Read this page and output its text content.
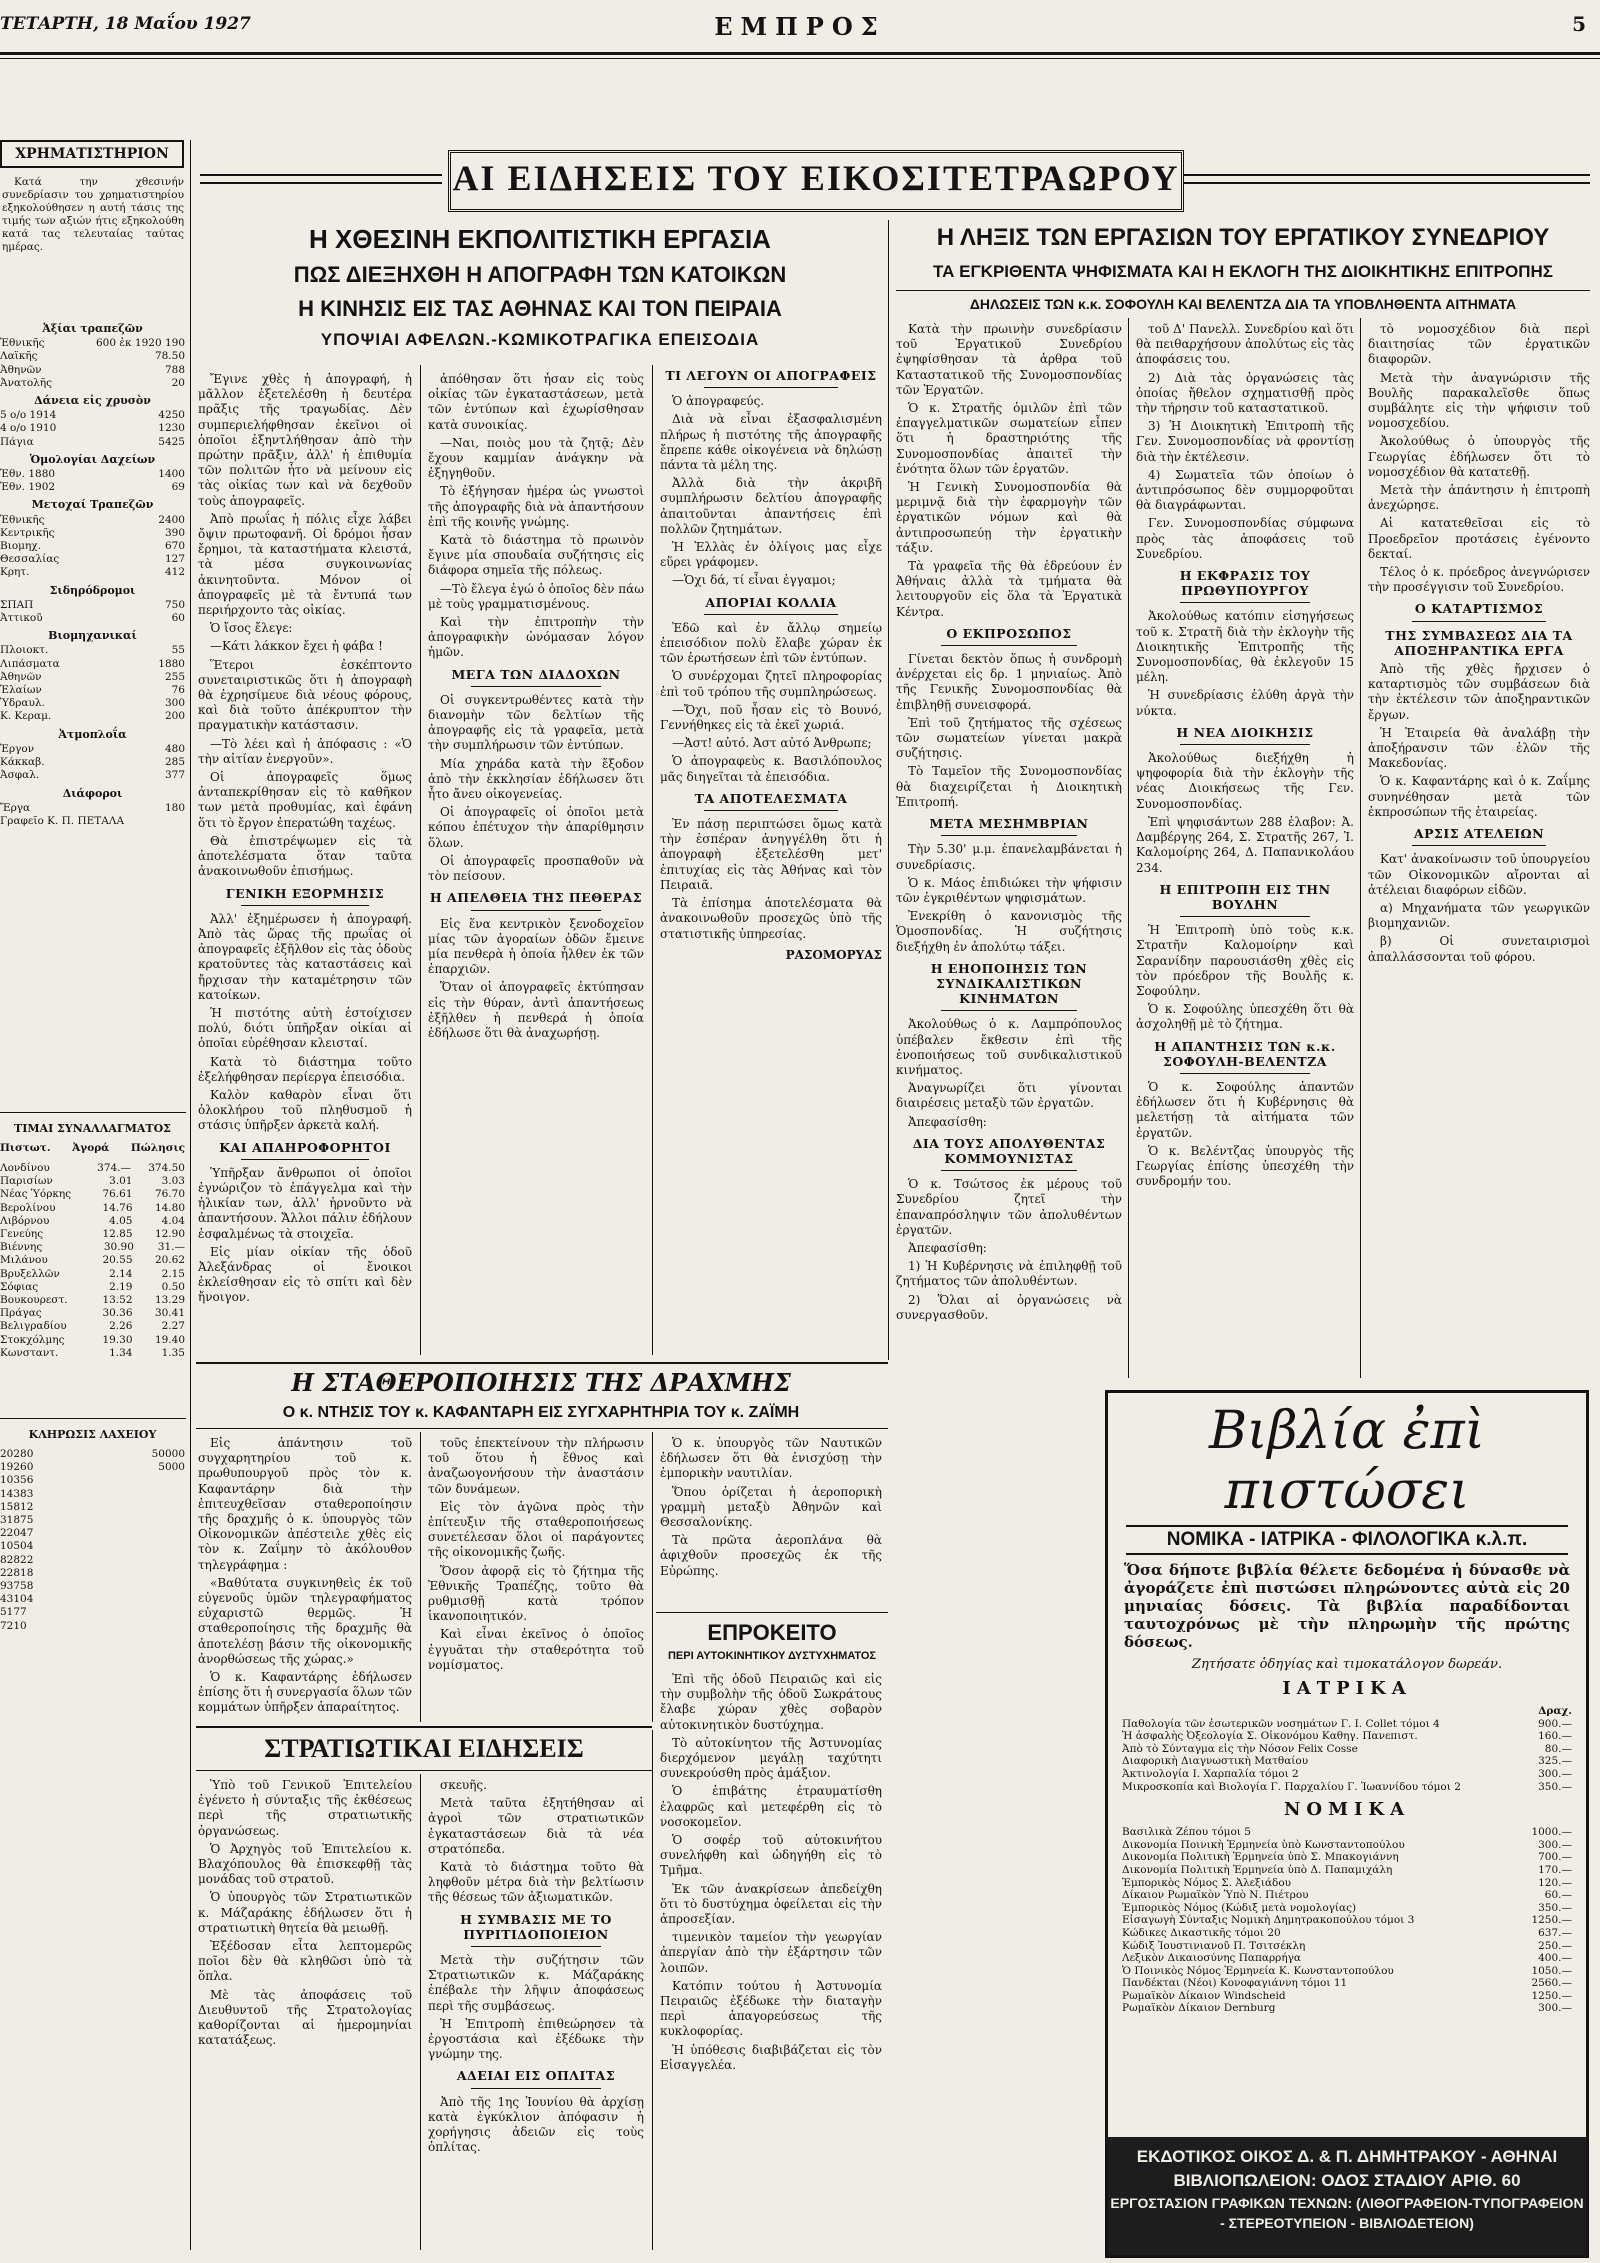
ΤΕΤΑΡΤΗ, 18 Μαΐου 1927	ΕΜΠΡΟΣ	5
ΧΡΗΜΑΤΙΣΤΗΡΙΟΝ

Κατά την χθεσινήν συνεδρίασιν του χρηματιστηρίου εξηκολούθησεν η αυτή τάσις της τιμής των αξιών ήτις εξηκολούθη κατά τας τελευταίας ταύτας ημέρας.

Ἀξίαι τραπεζῶν
Ἐθνικῆς	600 ἐκ 1920 190
Λαϊκῆς	78.50
Ἀθηνῶν	788
Ἀνατολῆς	20
Δάνεια εἰς χρυσὸν
5 ο/ο 1914	4250
4 ο/ο 1910	1230
Πάγια	5425
Ὁμολογίαι Δαχείων
Ἐθν. 1880	1400
Ἐθν. 1902	69
Μετοχαί Τραπεζῶν
Ἐθνικῆς	2400
Κεντρικῆς	390
Βιομηχ.	670
Θεσσαλίας	127
Κρητ.	412
Σιδηρόδρομοι
ΣΠΑΠ	750
Ἀττικοῦ	60
Βιομηχανικαί
Πλοιοκτ.	55
Λιπάσματα	1880
Ἀθηνῶν	255
Ἐλαίων	76
Ὑδραυλ.	300
Κ. Κεραμ.	200
Ἀτμοπλοΐα
Ἐργον	480
Κάκκαβ.	285
Ἀσφαλ.	377
Διάφοροι
Ἔργα	180
Γραφεῖο Κ. Π. ΠΕΤΑΛΑ
ΤΙΜΑΙ ΣΥΝΑΛΛΑΓΜΑΤΟΣ
Πιστωτ. Ἀγορά Πώλησις
Λονδίνου	374.— 374.50
Παρισίων	3.01	3.03
Νέας Ὑόρκης	76.61 76.70
Βερολίνου	14.76 14.80
Λιβόρνου	4.05	4.04
Γενεύης	12.85 12.90
Βιέννης	30.90 31.—
Μιλάνου	20.55 20.62
Βρυξελλῶν	2.14	2.15
Σόφιας	2.19	0.50
Βουκουρεστ.	13.52 13.29
Πράγας	30.36 30.41
Βελιγραδίου	2.26	2.27
Στοκχόλμης	19.30 19.40
Κωνσταντ.	1.34	1.35
ΚΛΗΡΩΣΙΣ ΛΑΧΕΙΟΥ
20280	50000
19260	5000
10356
14383
15812
31875
22047
10504
82822
22818
93758
43104
5177
7210
ΑΙ ΕΙΔΗΣΕΙΣ ΤΟΥ ΕΙΚΟΣΙΤΕΤΡΑΩΡΟΥ
Η ΧΘΕΣΙΝΗ ΕΚΠΟΛΙΤΙΣΤΙΚΗ ΕΡΓΑΣΙΑ
ΠΩΣ ΔΙΕΞΗΧΘΗ Η ΑΠΟΓΡΑΦΗ ΤΩΝ ΚΑΤΟΙΚΩΝ
Η ΚΙΝΗΣΙΣ ΕΙΣ ΤΑΣ ΑΘΗΝΑΣ ΚΑΙ ΤΟΝ ΠΕΙΡΑΙΑ
ΥΠΟΨΙΑΙ ΑΦΕΛΩΝ.-ΚΩΜΙΚΟΤΡΑΓΙΚΑ ΕΠΕΙΣΟΔΙΑ

Ἔγινε χθὲς ἡ ἀπογραφή, ἡ μᾶλλον ἐξετελέσθη ἡ δευτέρα πρᾶξις τῆς τραγωδίας. Δὲν συμπεριελήφθησαν ἐκεῖνοι οἱ ὁποῖοι ἐξηντλήθησαν ἀπὸ τὴν πρώτην πρᾶξιν, ἀλλ' ἡ ἐπιθυμία τῶν πολιτῶν ἦτο νὰ μείνουν εἰς τὰς οἰκίας των καὶ νὰ δεχθοῦν τοὺς ἀπογραφεῖς.

Ἀπὸ πρωΐας ἡ πόλις εἶχε λάβει ὄψιν πρωτοφανῆ. Οἱ δρόμοι ἦσαν ἔρημοι, τὰ καταστήματα κλειστά, τὰ μέσα συγκοινωνίας ἀκινητοῦντα. Μόνον οἱ ἀπογραφεῖς μὲ τὰ ἔντυπά των περιήρχοντο τὰς οἰκίας.

Ὁ ἴσος ἔλεγε:

—Κάτι λάκκον ἔχει ἡ φάβα !

Ἕτεροι ἐσκέπτοντο συνεταιριστικῶς ὅτι ἡ ἀπογραφὴ θὰ ἐχρησίμευε διὰ νέους φόρους, καὶ διὰ τοῦτο ἀπέκρυπτον τὴν πραγματικὴν κατάστασιν.

—Τὸ λέει καὶ ἡ ἀπόφασις : «Ὁ τὴν αἰτίαν ἐνεργοῦν».

Οἱ ἀπογραφεῖς ὅμως ἀνταπεκρίθησαν εἰς τὸ καθῆκον των μετὰ προθυμίας, καὶ ἐφάνη ὅτι τὸ ἔργον ἐπερατώθη ταχέως.

Θὰ ἐπιστρέψωμεν εἰς τὰ ἀποτελέσματα ὅταν ταῦτα ἀνακοινωθοῦν ἐπισήμως.

ΓΕΝΙΚΗ ΕΞΟΡΜΗΣΙΣ

Ἀλλ' ἐξημέρωσεν ἡ ἀπογραφή. Ἀπὸ τὰς ὥρας τῆς πρωΐας οἱ ἀπογραφεῖς ἐξῆλθον εἰς τὰς ὁδοὺς κρατοῦντες τὰς καταστάσεις καὶ ἤρχισαν τὴν καταμέτρησιν τῶν κατοίκων.

Ἡ πιστότης αὐτὴ ἐστοίχισεν πολύ, διότι ὑπῆρξαν οἰκίαι αἱ ὁποῖαι εὑρέθησαν κλεισταί.

Κατὰ τὸ διάστημα τοῦτο ἐξελήφθησαν περίεργα ἐπεισόδια.

Καλὸν καθαρὸν εἶναι ὅτι ὁλοκλήρου τοῦ πληθυσμοῦ ἡ στάσις ὑπῆρξεν ἀρκετὰ καλή.

ΚΑΙ ΑΠΑΗΡΟΦΟΡΗΤΟΙ

Ὑπῆρξαν ἄνθρωποι οἱ ὁποῖοι ἐγνώριζον τὸ ἐπάγγελμα καὶ τὴν ἡλικίαν των, ἀλλ' ἠρνοῦντο νὰ ἀπαντήσουν. Ἄλλοι πάλιν ἐδήλουν ἐσφαλμένως τὰ στοιχεῖα.

Εἰς μίαν οἰκίαν τῆς ὁδοῦ Ἀλεξάνδρας οἱ ἔνοικοι ἐκλείσθησαν εἰς τὸ σπίτι καὶ δὲν ἤνοιγον.

ἀπόθησαν ὅτι ἦσαν εἰς τοὺς οἰκίας τῶν ἐγκαταστάσεων, μετὰ τῶν ἐντύπων καὶ ἐχωρίσθησαν κατὰ συνοικίας.

—Ναι, ποιὸς μου τὰ ζητᾷ; Δὲν ἔχουν καμμίαν ἀνάγκην νὰ ἐξηγηθοῦν.

Τὸ ἐξήγησαν ἡμέρα ὡς γνωστοὶ τῆς ἀπογραφῆς διὰ νὰ ἀπαντήσουν ἐπὶ τῆς κοινῆς γνώμης.

Κατὰ τὸ διάστημα τὸ πρωινὸν ἔγινε μία σπουδαία συζήτησις εἰς διάφορα σημεῖα τῆς πόλεως.

—Τὸ ἔλεγα ἐγώ ὁ ὁποῖος δὲν πάω μὲ τοὺς γραμματισμένους.

Καὶ τὴν ἐπιτροπὴν τὴν ἀπογραφικὴν ὠνόμασαν λόγον ἡμῶν.

ΜΕΓΑ ΤΩΝ ΔΙΑΔΟΧΩΝ

Οἱ συγκεντρωθέντες κατὰ τὴν διανομὴν τῶν δελτίων τῆς ἀπογραφῆς εἰς τὰ γραφεῖα, μετὰ τὴν συμπλήρωσιν τῶν ἐντύπων.

Μία χηράδα κατὰ τὴν ἔξοδον ἀπὸ τὴν ἐκκλησίαν ἐδήλωσεν ὅτι ἦτο ἄνευ οἰκογενείας.

Οἱ ἀπογραφεῖς οἱ ὁποῖοι μετὰ κόπου ἐπέτυχον τὴν ἀπαρίθμησιν ὅλων.

Οἱ ἀπογραφεῖς προσπαθοῦν νὰ τὸν πείσουν.

Η ΑΠΕΛΘΕΙΑ ΤΗΣ ΠΕΘΕΡΑΣ

Εἰς ἕνα κεντρικὸν ξενοδοχεῖον μίας τῶν ἀγοραίων ὁδῶν ἔμεινε μία πενθερὰ ἡ ὁποία ἦλθεν ἐκ τῶν ἐπαρχιῶν.

Ὅταν οἱ ἀπογραφεῖς ἐκτύπησαν εἰς τὴν θύραν, ἀντὶ ἀπαντήσεως ἐξῆλθεν ἡ πενθερά ἡ ὁποία ἐδήλωσε ὅτι θὰ ἀναχωρήσῃ.

ΤΙ ΛΕΓΟΥΝ ΟΙ ΑΠΟΓΡΑΦΕΙΣ

Ὁ ἀπογραφεύς.

Διὰ νὰ εἶναι ἐξασφαλισμένη πλήρως ἡ πιστότης τῆς ἀπογραφῆς ἔπρεπε κάθε οἰκογένεια νὰ δηλώσῃ πάντα τὰ μέλη της.

Ἀλλὰ διὰ τὴν ἀκριβῆ συμπλήρωσιν δελτίου ἀπογραφῆς ἀπαιτοῦνται ἀπαντήσεις ἐπὶ πολλῶν ζητημάτων.

Ἡ Ἐλλὰς ἐν ὀλίγοις μας εἶχε εὕρει γράφομεν.

—Ὁχι δά, τί εἶναι ἐγγαμοι;

ΑΠΟΡΙΑΙ ΚΟΛΛΙΑ

Ἐδῶ καὶ ἐν ἄλλῳ σημείῳ ἐπεισόδιον πολὺ ἔλαβε χώραν ἐκ τῶν ἐρωτήσεων ἐπὶ τῶν ἐντύπων.

Ὁ συνέρχομαι ζητεῖ πληροφορίας ἐπὶ τοῦ τρόπου τῆς συμπληρώσεως.

—Ὄχι, ποῦ ἦσαν εἰς τὸ Βουνό, Γεννήθηκες εἰς τὰ ἐκεῖ χωριά.

—Ἀστ! αὐτό. Ἀστ αὐτό Ἀνθρωπε;

Ὁ ἀπογραφεὺς κ. Βασιλόπουλος μᾶς διηγεῖται τὰ ἐπεισόδια.

ΤΑ ΑΠΟΤΕΛΕΣΜΑΤΑ

Ἐν πάσῃ περιπτώσει ὅμως κατὰ τὴν ἐσπέραν ἀνηγγέλθη ὅτι ἡ ἀπογραφὴ ἐξετελέσθη μετ' ἐπιτυχίας εἰς τὰς Ἀθήνας καὶ τὸν Πειραιᾶ.

Τὰ ἐπίσημα ἀποτελέσματα θὰ ἀνακοινωθοῦν προσεχῶς ὑπὸ τῆς στατιστικῆς ὑπηρεσίας.

ΡΑΣΟΜΟΡΥΑΣ
Η ΛΗΞΙΣ ΤΩΝ ΕΡΓΑΣΙΩΝ ΤΟΥ ΕΡΓΑΤΙΚΟΥ ΣΥΝΕΔΡΙΟΥ
ΤΑ ΕΓΚΡΙΘΕΝΤΑ ΨΗΦΙΣΜΑΤΑ ΚΑΙ Η ΕΚΛΟΓΗ ΤΗΣ ΔΙΟΙΚΗΤΙΚΗΣ ΕΠΙΤΡΟΠΗΣ
ΔΗΛΩΣΕΙΣ ΤΩΝ κ.κ. ΣΟΦΟΥΛΗ ΚΑΙ ΒΕΛΕΝΤΖΑ ΔΙΑ ΤΑ ΥΠΟΒΛΗΘΕΝΤΑ ΑΙΤΗΜΑΤΑ

Κατὰ τὴν πρωινὴν συνεδρίασιν τοῦ Ἐργατικοῦ Συνεδρίου ἐψηφίσθησαν τὰ ἀρθρα τοῦ Καταστατικοῦ τῆς Συνομοσπονδίας τῶν Ἐργατῶν.

Ὁ κ. Στρατῆς ὁμιλῶν ἐπὶ τῶν ἐπαγγελματικῶν σωματείων εἶπεν ὅτι ἡ δραστηριότης τῆς Συνομοσπονδίας ἀπαιτεῖ τὴν ἑνότητα ὅλων τῶν ἐργατῶν.

Ἡ Γενικὴ Συνομοσπονδία θὰ μεριμνᾷ διὰ τὴν ἐφαρμογὴν τῶν ἐργατικῶν νόμων καὶ θὰ ἀντιπροσωπεύῃ τὴν ἐργατικὴν τάξιν.

Τὰ γραφεῖα τῆς θὰ ἑδρεύουν ἐν Ἀθήναις ἀλλὰ τὰ τμήματα θὰ λειτουργοῦν εἰς ὅλα τὰ Ἐργατικὰ Κέντρα.

Ο ΕΚΠΡΟΣΩΠΟΣ

Γίνεται δεκτὸν ὅπως ἡ συνδρομὴ ἀνέρχεται εἰς δρ. 1 μηνιαίως. Ἀπὸ τῆς Γενικῆς Συνομοσπονδίας θὰ ἐπιβληθῇ συνεισφορά.

Ἐπὶ τοῦ ζητήματος τῆς σχέσεως τῶν σωματείων γίνεται μακρὰ συζήτησις.

Τὸ Ταμεῖον τῆς Συνομοσπονδίας θὰ διαχειρίζεται ἡ Διοικητικὴ Ἐπιτροπή.

ΜΕΤΑ ΜΕΣΗΜΒΡΙΑΝ

Τὴν 5.30' μ.μ. ἐπανελαμβάνεται ἡ συνεδρίασις.

Ὁ κ. Μάος ἐπιδιώκει τὴν ψήφισιν τῶν ἐγκριθέντων ψηφισμάτων.

Ἐνεκρίθη ὁ κανονισμὸς τῆς Ὁμοσπονδίας. Ἡ συζήτησις διεξήχθη ἐν ἀπολύτῳ τάξει.

Η ΕΗΟΠΟΙΗΣΙΣ ΤΩΝ ΣΥΝΔΙΚΑΛΙΣΤΙΚΩΝ ΚΙΝΗΜΑΤΩΝ

Ἀκολούθως ὁ κ. Λαμπρόπουλος ὑπέβαλεν ἔκθεσιν ἐπὶ τῆς ἑνοποιήσεως τοῦ συνδικαλιστικοῦ κινήματος.

Ἀναγνωρίζει ὅτι γίνονται διαιρέσεις μεταξὺ τῶν ἐργατῶν.

Ἀπεφασίσθη:

ΔΙΑ ΤΟΥΣ ΑΠΟΛΥΘΕΝΤΑΣ ΚΟΜΜΟΥΝΙΣΤΑΣ

Ὁ κ. Τσώτσος ἐκ μέρους τοῦ Συνεδρίου ζητεῖ τὴν ἐπαναπρόσληψιν τῶν ἀπολυθέντων ἐργατῶν.

Ἀπεφασίσθη:

1) Ἡ Κυβέρνησις νὰ ἐπιληφθῇ τοῦ ζητήματος τῶν ἀπολυθέντων.

2) Ὅλαι αἱ ὀργανώσεις νὰ συνεργασθοῦν.

τοῦ Δ' Πανελλ. Συνεδρίου καὶ ὅτι θὰ πειθαρχήσουν ἀπολύτως εἰς τὰς ἀποφάσεις του.

2) Διὰ τὰς ὀργανώσεις τὰς ὁποίας ἤθελον σχηματισθῇ πρὸς τὴν τήρησιν τοῦ καταστατικοῦ.

3) Ἡ Διοικητικὴ Ἐπιτροπὴ τῆς Γεν. Συνομοσπονδίας νὰ φροντίσῃ διὰ τὴν ἐκτέλεσιν.

4) Σωματεῖα τῶν ὁποίων ὁ ἀντιπρόσωπος δὲν συμμορφοῦται θὰ διαγράφωνται.

Γεν. Συνομοσπονδίας σύμφωνα πρὸς τὰς ἀποφάσεις τοῦ Συνεδρίου.

Η ΕΚΦΡΑΣΙΣ ΤΟΥ ΠΡΩΘΥΠΟΥΡΓΟΥ

Ἀκολούθως κατόπιν εἰσηγήσεως τοῦ κ. Στρατῆ διὰ τὴν ἐκλογὴν τῆς Διοικητικῆς Ἐπιτροπῆς τῆς Συνομοσπονδίας, θὰ ἐκλεγοῦν 15 μέλη.

Ἡ συνεδρίασις ἐλύθη ἀργὰ τὴν νύκτα.

Η ΝΕΑ ΔΙΟΙΚΗΣΙΣ

Ἀκολούθως διεξήχθη ἡ ψηφοφορία διὰ τὴν ἐκλογὴν τῆς νέας Διοικήσεως τῆς Γεν. Συνομοσπονδίας.

Ἐπὶ ψηφισάντων 288 ἐλαβον: Ἀ. Δαμβέργης 264, Σ. Στρατῆς 267, Ἰ. Καλομοίρης 264, Δ. Παπανικολάου 234.

Η ΕΠΙΤΡΟΠΗ ΕΙΣ ΤΗΝ ΒΟΥΛΗΝ

Ἡ Ἐπιτροπὴ ὑπὸ τοὺς κ.κ. Στρατῆν Καλομοίρην καὶ Σαρανίδην παρουσιάσθη χθὲς εἰς τὸν πρόεδρον τῆς Βουλῆς κ. Σοφούλην.

Ὁ κ. Σοφούλης ὑπεσχέθη ὅτι θὰ ἀσχοληθῇ μὲ τὸ ζήτημα.

Η ΑΠΑΝΤΗΣΙΣ ΤΩΝ κ.κ. ΣΟΦΟΥΛΗ-ΒΕΛΕΝΤΖΑ

Ὁ κ. Σοφούλης ἀπαντῶν ἐδήλωσεν ὅτι ἡ Κυβέρνησις θὰ μελετήσῃ τὰ αἰτήματα τῶν ἐργατῶν.

Ὁ κ. Βελέντζας ὑπουργὸς τῆς Γεωργίας ἐπίσης ὑπεσχέθη τὴν συνδρομήν του.

τὸ νομοσχέδιον διὰ περὶ διαιτησίας τῶν ἐργατικῶν διαφορῶν.

Μετὰ τὴν ἀναγνώρισιν τῆς Βουλῆς παρακαλεῖσθε ὅπως συμβάλητε εἰς τὴν ψήφισιν τοῦ νομοσχεδίου.

Ἀκολούθως ὁ ὑπουργὸς τῆς Γεωργίας ἐδήλωσεν ὅτι τὸ νομοσχέδιον θὰ κατατεθῇ.

Μετὰ τὴν ἀπάντησιν ἡ ἐπιτροπὴ ἀνεχώρησε.

Αἱ κατατεθεῖσαι εἰς τὸ Προεδρεῖον προτάσεις ἐγένοντο δεκταί.

Τέλος ὁ κ. πρόεδρος ἀνεγνώρισεν τὴν προσέγγισιν τοῦ Συνεδρίου.

Ο ΚΑΤΑΡΤΙΣΜΟΣ
ΤΗΣ ΣΥΜΒΑΣΕΩΣ ΔΙΑ ΤΑ ΑΠΟΞΗΡΑΝΤΙΚΑ ΕΡΓΑ

Ἀπὸ τῆς χθὲς ἤρχισεν ὁ καταρτισμὸς τῶν συμβάσεων διὰ τὴν ἐκτέλεσιν τῶν ἀποξηραντικῶν ἔργων.

Ἡ Ἑταιρεία θὰ ἀναλάβῃ τὴν ἀποξήρανσιν τῶν ἐλῶν τῆς Μακεδονίας.

Ὁ κ. Καφαντάρης καὶ ὁ κ. Ζαΐμης συνηνέθησαν μετὰ τῶν ἐκπροσώπων τῆς ἑταιρείας.

ΑΡΣΙΣ ΑΤΕΛΕΙΩΝ

Κατ' ἀνακοίνωσιν τοῦ ὑπουργείου τῶν Οἰκονομικῶν αἴρονται αἱ ἀτέλειαι διαφόρων εἰδῶν.

α) Μηχανήματα τῶν γεωργικῶν βιομηχανιῶν.

β) Οἱ συνεταιρισμοὶ ἀπαλλάσσονται τοῦ φόρου.

Η ΣΤΑΘΕΡΟΠΟΙΗΣΙΣ ΤΗΣ ΔΡΑΧΜΗΣ
Ο κ. ΝΤΗΣΙΣ ΤΟΥ κ. ΚΑΦΑΝΤΑΡΗ ΕΙΣ ΣΥΓΧΑΡΗΤΗΡΙΑ ΤΟΥ κ. ΖΑΪΜΗ

Εἰς ἀπάντησιν τοῦ συγχαρητηρίου τοῦ κ. πρωθυπουργοῦ πρὸς τὸν κ. Καφαντάρην διὰ τὴν ἐπιτευχθεῖσαν σταθεροποίησιν τῆς δραχμῆς ὁ κ. ὑπουργὸς τῶν Οἰκονομικῶν ἀπέστειλε χθὲς εἰς τὸν κ. Ζαΐμην τὸ ἀκόλουθον τηλεγράφημα :

«Βαθύτατα συγκινηθεὶς ἐκ τοῦ εὐγενοῦς ὑμῶν τηλεγραφήματος εὐχαριστῶ θερμῶς. Ἡ σταθεροποίησις τῆς δραχμῆς θὰ ἀποτελέσῃ βάσιν τῆς οἰκονομικῆς ἀνορθώσεως τῆς χώρας.»

Ὁ κ. Καφαντάρης ἐδήλωσεν ἐπίσης ὅτι ἡ συνεργασία ὅλων τῶν κομμάτων ὑπῆρξεν ἀπαραίτητος.

τοῦς ἐπεκτείνουν τὴν πλήρωσιν τοῦ ὅτου ἡ ἔθνος καὶ ἀναζωογονήσουν τὴν ἀναστάσιν τῶν δυνάμεων.

Εἰς τὸν ἀγῶνα πρὸς τὴν ἐπίτευξιν τῆς σταθεροποιήσεως συνετέλεσαν ὅλοι οἱ παράγοντες τῆς οἰκονομικῆς ζωῆς.

Ὅσον ἀφορᾷ εἰς τὸ ζήτημα τῆς Ἐθνικῆς Τραπέζης, τοῦτο θὰ ρυθμισθῇ κατὰ τρόπον ἱκανοποιητικόν.

Καὶ εἶναι ἐκεῖνος ὁ ὁποῖος ἐγγυᾶται τὴν σταθερότητα τοῦ νομίσματος.

Ὁ κ. ὑπουργὸς τῶν Ναυτικῶν ἐδήλωσεν ὅτι θὰ ἐνισχύσῃ τὴν ἐμπορικὴν ναυτιλίαν.

Ὅπου ὀρίζεται ἡ ἀεροπορικὴ γραμμὴ μεταξὺ Ἀθηνῶν καὶ Θεσσαλονίκης.

Τὰ πρῶτα ἀεροπλάνα θὰ ἀφιχθοῦν προσεχῶς ἐκ τῆς Εὐρώπης.

ΕΠΡΟΚΕΙΤΟ
ΠΕΡΙ ΑΥΤΟΚΙΝΗΤΙΚΟΥ ΔΥΣΤΥΧΗΜΑΤΟΣ

Ἐπὶ τῆς ὁδοῦ Πειραιῶς καὶ εἰς τὴν συμβολὴν τῆς ὁδοῦ Σωκράτους ἔλαβε χώραν χθὲς σοβαρὸν αὐτοκινητικὸν δυστύχημα.

Τὸ αὐτοκίνητον τῆς Ἀστυνομίας διερχόμενον μεγάλῃ ταχύτητι συνεκρούσθη πρὸς ἁμάξιον.

Ὁ ἐπιβάτης ἐτραυματίσθη ἐλαφρῶς καὶ μετεφέρθη εἰς τὸ νοσοκομεῖον.

Ὁ σοφέρ τοῦ αὐτοκινήτου συνελήφθη καὶ ὡδηγήθη εἰς τὸ Τμῆμα.

Ἐκ τῶν ἀνακρίσεων ἀπεδείχθη ὅτι τὸ δυστύχημα ὀφείλεται εἰς τὴν ἀπροσεξίαν.

τιμενικὸν ταμείον τὴν γεωργίαν ἀπεργίαν ἀπὸ τὴν ἐξάρτησιν τῶν λοιπῶν.

Κατόπιν τούτου ἡ Ἀστυνομία Πειραιῶς ἐξέδωκε τὴν διαταγὴν περὶ ἀπαγορεύσεως τῆς κυκλοφορίας.

Ἡ ὑπόθεσις διαβιβάζεται εἰς τὸν Εἰσαγγελέα.

ΣΤΡΑΤΙΩΤΙΚΑΙ ΕΙΔΗΣΕΙΣ

Ὑπὸ τοῦ Γενικοῦ Ἐπιτελείου ἐγένετο ἡ σύνταξις τῆς ἐκθέσεως περὶ τῆς στρατιωτικῆς ὀργανώσεως.

Ὁ Ἀρχηγὸς τοῦ Ἐπιτελείου κ. Βλαχόπουλος θὰ ἐπισκεφθῇ τὰς μονάδας τοῦ στρατοῦ.

Ὁ ὑπουργὸς τῶν Στρατιωτικῶν κ. Μάζαράκης ἐδήλωσεν ὅτι ἡ στρατιωτικὴ θητεία θὰ μειωθῇ.

Ἐξέδοσαν εἶτα λεπτομερῶς ποῖοι δὲν θὰ κληθῶσι ὑπὸ τὰ ὅπλα.

Μὲ τὰς ἀποφάσεις τοῦ Διευθυντοῦ τῆς Στρατολογίας καθορίζονται αἱ ἡμερομηνίαι κατατάξεως.

σκευῆς.

Μετὰ ταῦτα ἐξητήθησαν αἱ ἀγροὶ τῶν στρατιωτικῶν ἐγκαταστάσεων διὰ τὰ νέα στρατόπεδα.

Κατὰ τὸ διάστημα τοῦτο θὰ ληφθοῦν μέτρα διὰ τὴν βελτίωσιν τῆς θέσεως τῶν ἀξιωματικῶν.

Η ΣΥΜΒΑΣΙΣ ΜΕ ΤΟ ΠΥΡΙΤΙΔΟΠΟΙΕΙΟΝ

Μετὰ τὴν συζήτησιν τῶν Στρατιωτικῶν κ. Μάζαράκης ἐπέβαλε τὴν λῆψιν ἀποφάσεως περὶ τῆς συμβάσεως.

Ἡ Ἐπιτροπὴ ἐπιθεώρησεν τὰ ἐργοστάσια καὶ ἐξέδωκε τὴν γνώμην της.

ΑΔΕΙΑΙ ΕΙΣ ΟΠΛΙΤΑΣ

Ἀπὸ τῆς 1ης Ἰουνίου θὰ ἀρχίσῃ κατὰ ἐγκύκλιον ἀπόφασιν ἡ χορήγησις ἀδειῶν εἰς τοὺς ὁπλίτας.

Βιβλία ἐπὶ πιστώσει
ΝΟΜΙΚΑ - ΙΑΤΡΙΚΑ - ΦΙΛΟΛΟΓΙΚΑ κ.λ.π.
Ὅσα δήποτε βιβλία θέλετε δεδομένα ἡ δύνασθε νὰ ἀγοράζετε ἐπὶ πιστώσει πληρώνοντες αὐτὰ εἰς 20 μηνιαίας δόσεις. Τὰ βιβλία παραδίδονται ταυτοχρόνως μὲ τὴν πληρωμὴν τῆς πρώτης δόσεως.
Ζητήσατε ὁδηγίας καὶ τιμοκατάλογον δωρεάν.
ΙΑΤΡΙΚΑ
Δραχ.
Παθολογία τῶν ἐσωτερικῶν νοσημάτων Γ. Ι. Collet τόμοι 4	900.—
Ἡ ἀσφαλὴς Ὀξεολογία Σ. Οἰκονόμου Καθηγ. Πανεπιστ.	160.—
Ἀπὸ τὸ Σύνταγμα εἰς τὴν Νόσον Felix Cosse	80.—
Διαφορικὴ Διαγνωστικὴ Ματθαίου	325.—
Ἀκτινολογία Ι. Χαρπαλία τόμοι 2	300.—
Μικροσκοπία καὶ Βιολογία Γ. Παρχαλίου Γ. Ἰωαννίδου τόμοι 2	350.—
ΝΟΜΙΚΑ
Βασιλικὰ Ζέπου τόμοι 5	1000.—
Δικονομία Ποινικὴ Ἑρμηνεία ὑπὸ Κωνσταντοπούλου	300.—
Δικονομία Πολιτικὴ Ἑρμηνεία ὑπὸ Σ. Μπακογιάννη	700.—
Δικονομία Πολιτικὴ Ἑρμηνεία ὑπὸ Δ. Παπαμιχάλη	170.—
Ἐμπορικὸς Νόμος Σ. Ἀλεξιάδου	120.—
Δίκαιον Ρωμαϊκὸν Ὑπὸ Ν. Πιέτρου	60.—
Ἐμπορικὸς Νόμος (Κώδιξ μετὰ νομολογίας)	350.—
Εἰσαγωγὴ Σύνταξις Νομικὴ Δημητρακοπούλου τόμοι 3	1250.—
Κώδικες Δικαστικῆς τόμοι 20	637.—
Κώδιξ Ἰουστινιανοῦ Π. Τσιτσέκλη	250.—
Λεξικὸν Δικαιοσύνης Παπαρρήγα	400.—
Ὁ Ποινικὸς Νόμος Ἑρμηνεία Κ. Κωνσταντοπούλου	1050.—
Πανδέκται (Νέοι) Κονοφαγιάννη τόμοι 11	2560.—
Ρωμαϊκὸν Δίκαιον Windscheid	1250.—
Ρωμαϊκὸν Δίκαιον Dernburg	300.—
ΕΚΔΟΤΙΚΟΣ ΟΙΚΟΣ Δ. & Π. ΔΗΜΗΤΡΑΚΟΥ - ΑΘΗΝΑΙ
ΒΙΒΛΙΟΠΩΛΕΙΟΝ: ΟΔΟΣ ΣΤΑΔΙΟΥ ΑΡΙΘ. 60
ΕΡΓΟΣΤΑΣΙΟΝ ΓΡΑΦΙΚΩΝ ΤΕΧΝΩΝ: (ΛΙΘΟΓΡΑΦΕΙΟΝ-ΤΥΠΟΓΡΑΦΕΙΟΝ - ΣΤΕΡΕΟΤΥΠΕΙΟΝ - ΒΙΒΛΙΟΔΕΤΕΙΟΝ)
